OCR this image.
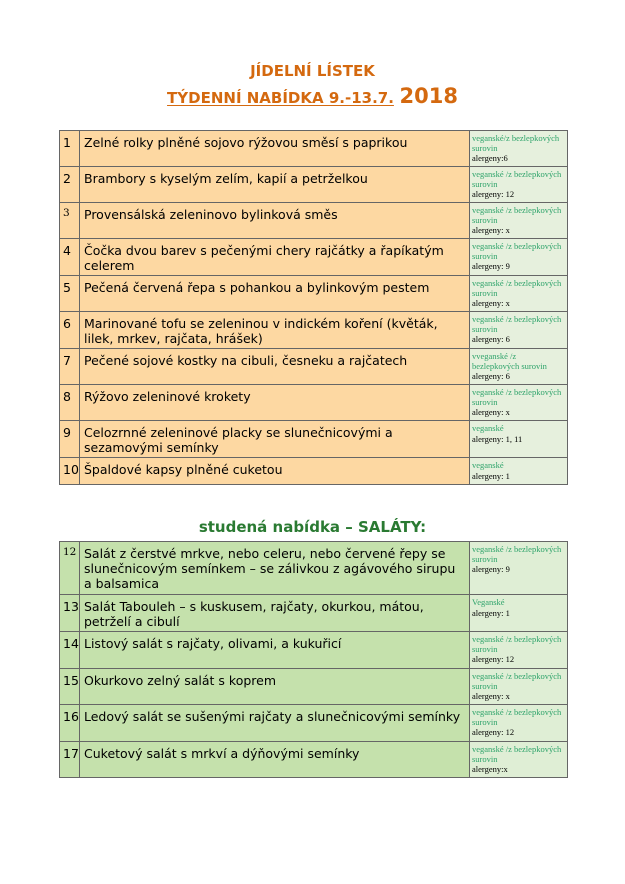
JÍDELNÍ LÍSTEK
TÝDENNÍ NABÍDKA 9.-13.7. 2018
1	Zelné rolky plněné sojovo rýžovou směsí s paprikou	veganské/z bezlepkových surovin
alergeny:6

2	Brambory s kyselým zelím, kapií a petrželkou	veganské /z bezlepkových surovin
alergeny: 12

3	Provensálská zeleninovo bylinková směs	veganské /z bezlepkových surovin
alergeny: x

4	Čočka dvou barev s pečenými chery rajčátky a řapíkatým celerem	veganské /z bezlepkových surovin
alergeny: 9

5	Pečená červená řepa s pohankou a bylinkovým pestem	veganské /z bezlepkových surovin
alergeny: x

6	Marinované tofu se zeleninou v indickém koření (květák, lilek, mrkev, rajčata, hrášek)	veganské /z bezlepkových surovin
alergeny: 6

7	Pečené sojové kostky na cibuli, česneku a rajčatech	vveganské /z bezlepkových surovin
alergeny: 6

8	Rýžovo zeleninové krokety	veganské /z bezlepkových surovin
alergeny: x

9	Celozrnné zeleninové placky se slunečnicovými a sezamovými semínky	veganské
alergeny: 1, 11

10	Špaldové kapsy plněné cuketou	veganské
alergeny: 1
studená nabídka – SALÁTY:
12	Salát z čerstvé mrkve, nebo celeru, nebo červené řepy se slunečnicovým semínkem – se zálivkou z agávového sirupu a balsamica	veganské /z bezlepkových surovin
alergeny: 9

13	Salát Tabouleh – s kuskusem, rajčaty, okurkou, mátou, petrželí a cibulí	Veganské
alergeny: 1

14	Listový salát s rajčaty, olivami, a kukuřicí	veganské /z bezlepkových surovin
alergeny: 12

15	Okurkovo zelný salát s koprem	veganské /z bezlepkových surovin
alergeny: x

16	Ledový salát se sušenými rajčaty a slunečnicovými semínky	veganské /z bezlepkových surovin
alergeny: 12

17	Cuketový salát s mrkví a dýňovými semínky	veganské /z bezlepkových surovin
alergeny:x
